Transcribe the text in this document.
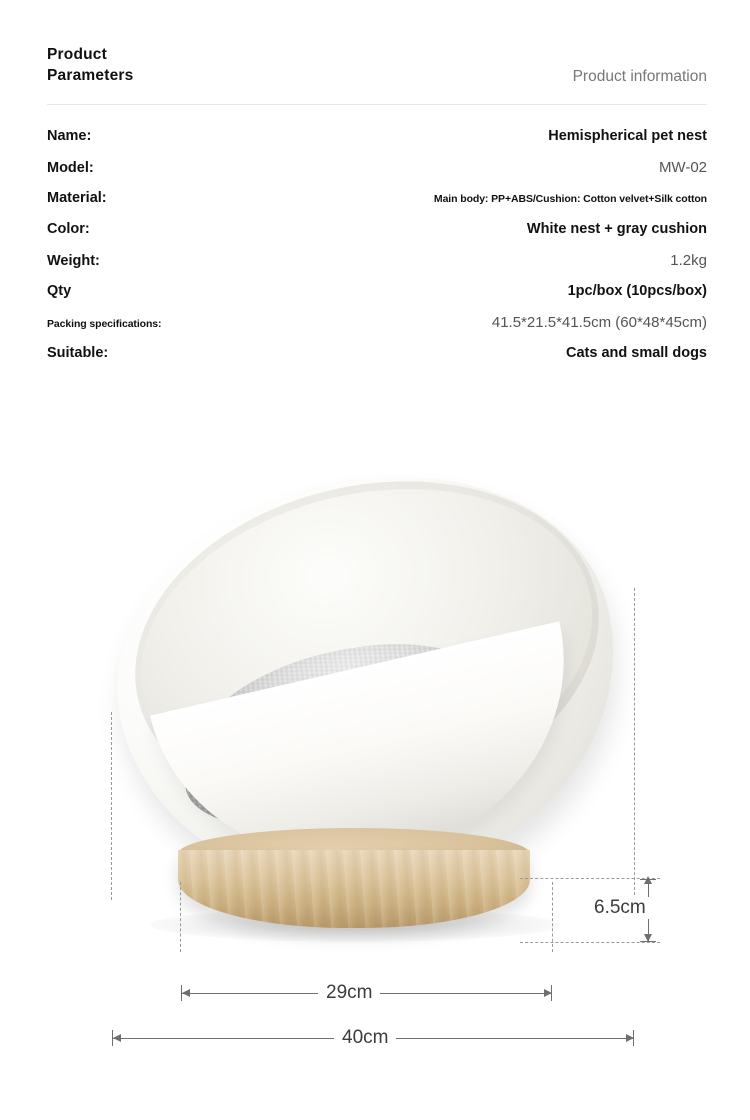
Product
Parameters	Product information
Name:	Hemispherical pet nest
Model:	MW-02
Material:	Main body: PP+ABS/Cushion: Cotton velvet+Silk cotton
Color:	White nest + gray cushion
Weight:	1.2kg
Qty	1pc/box (10pcs/box)
Packing specifications:	41.5*21.5*41.5cm (60*48*45cm)
Suitable:	Cats and small dogs
6.5cm
29cm
40cm
